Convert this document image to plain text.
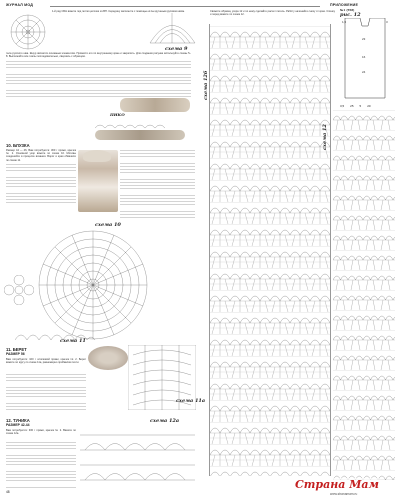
ЖУРНАЛ МОД	ПРИЛОЖЕНИЕ
№1 (558)
1-й ряд СБН вяжите под петли цепочки из ВП. Середину заполните с помощью иглы крученым русским швом.
схема 9
тела русского шва. Шнур является основным элементом. Провести его по внутреннему краю и закрепить. Для создания рисунка используйте схемы 5–8. Выполняйте все этапы последовательно, сверяясь с образцом.
ПИКО
10. БЛУЗКА
Размер 44 — 46. Вам потребуется: 300 г пряжи, крючок № 2. Основной узор вяжите по схеме 10. Мотивы соединяйте в процессе вязания. Ворот и края обвяжите по схеме 11.
схема 10
схема 11
11. БЕРЕТ
РАЗМЕР 56
Вам потребуется: 100 г хлопковой пряжи, крючок № 2. Берет вяжите по кругу по схеме 11а, равномерно прибавляя петли.
схема 11а
12. ТУНИКА
РАЗМЕР 42-44
Вам потребуется: 300 г пряжи, крючок № 2. Вяжите по схеме 12а.
схема 12а
48
Свяжите образец узора 12 и по нему сделайте расчет петель. Работу начинайте снизу от края. Спинку и перед вяжите по схеме 12.	рис. 12
23
16
24
1,5	3
3,5 25 5 20
схема 12б
схема 12
Страна Мам
www.stranamam.ru
